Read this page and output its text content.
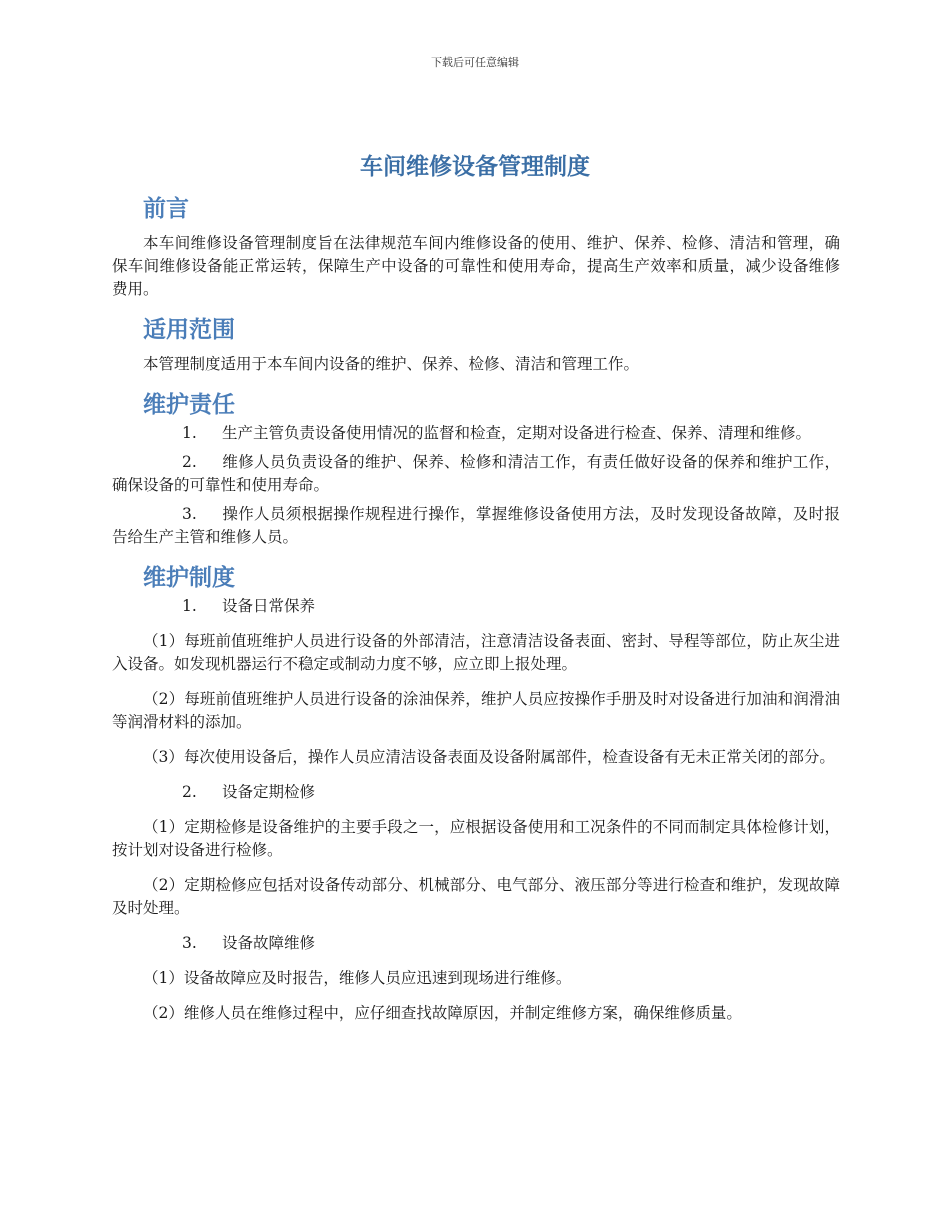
下载后可任意编辑
车间维修设备管理制度
前言

本车间维修设备管理制度旨在法律规范车间内维修设备的使用、维护、保养、检修、清洁和管理，确保车间维修设备能正常运转，保障生产中设备的可靠性和使用寿命，提高生产效率和质量，减少设备维修费用。

适用范围

本管理制度适用于本车间内设备的维护、保养、检修、清洁和管理工作。

维护责任

1. 生产主管负责设备使用情况的监督和检查，定期对设备进行检查、保养、清理和维修。

2. 维修人员负责设备的维护、保养、检修和清洁工作，有责任做好设备的保养和维护工作，确保设备的可靠性和使用寿命。

3. 操作人员须根据操作规程进行操作，掌握维修设备使用方法，及时发现设备故障，及时报告给生产主管和维修人员。

维护制度
1.	设备日常保养

（1）每班前值班维护人员进行设备的外部清洁，注意清洁设备表面、密封、导程等部位，防止灰尘进入设备。如发现机器运行不稳定或制动力度不够，应立即上报处理。

（2）每班前值班维护人员进行设备的涂油保养，维护人员应按操作手册及时对设备进行加油和润滑油等润滑材料的添加。

（3）每次使用设备后，操作人员应清洁设备表面及设备附属部件，检查设备有无未正常关闭的部分。

2.	设备定期检修

（1）定期检修是设备维护的主要手段之一，应根据设备使用和工况条件的不同而制定具体检修计划，按计划对设备进行检修。

（2）定期检修应包括对设备传动部分、机械部分、电气部分、液压部分等进行检查和维护，发现故障及时处理。

3.	设备故障维修

（1）设备故障应及时报告，维修人员应迅速到现场进行维修。

（2）维修人员在维修过程中，应仔细查找故障原因，并制定维修方案，确保维修质量。
